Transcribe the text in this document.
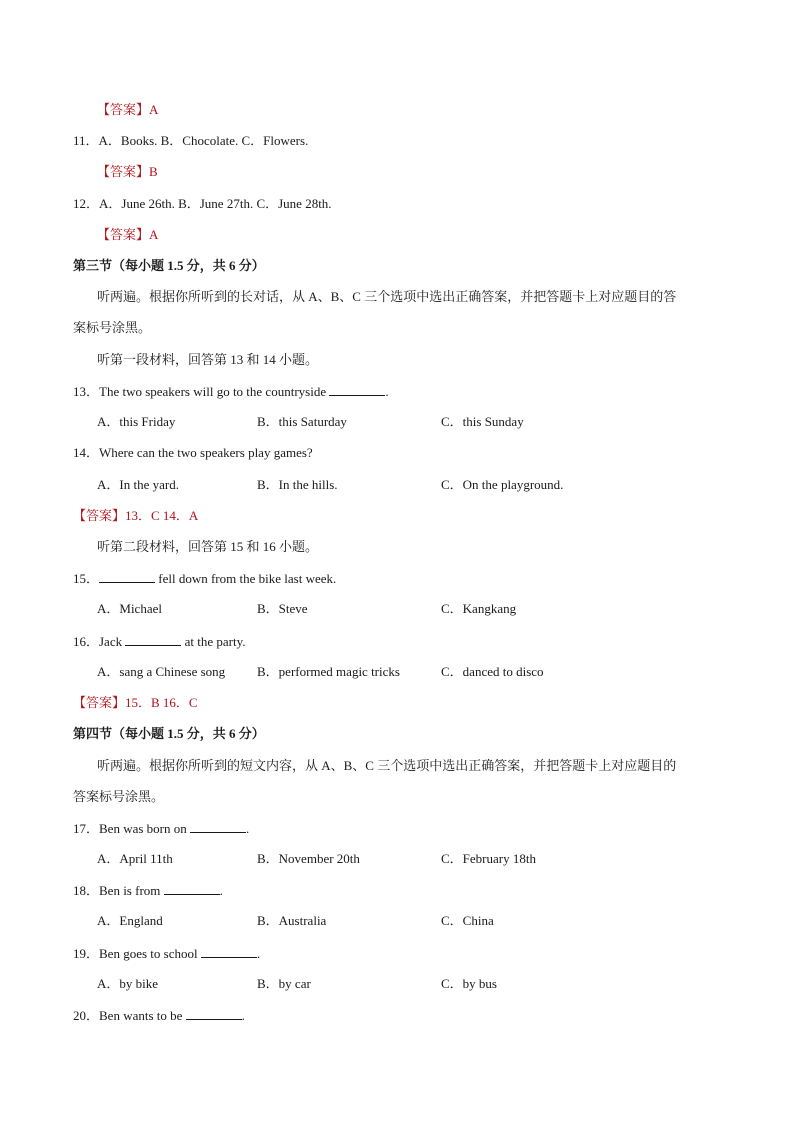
【答案】A
11．A．Books. B．Chocolate. C．Flowers.
【答案】B
12．A．June 26th. B．June 27th. C．June 28th.
【答案】A
第三节（每小题 1.5 分，共 6 分）
听两遍。根据你所听到的长对话，从 A、B、C 三个选项中选出正确答案，并把答题卡上对应题目的答
案标号涂黑。
听第一段材料，回答第 13 和 14 小题。
13．The two speakers will go to the countryside	.
A．this Friday	B．this Saturday	C．this Sunday
14．Where can the two speakers play games?
A．In the yard.	B．In the hills.	C．On the playground.
【答案】13．C 14．A
听第二段材料，回答第 15 和 16 小题。
15．	fell down from the bike last week.
A．Michael	B．Steve	C．Kangkang
16．Jack	at the party.
A．sang a Chinese song B．performed magic tricks	C．danced to disco
【答案】15．B 16．C
第四节（每小题 1.5 分，共 6 分）
听两遍。根据你所听到的短文内容，从 A、B、C 三个选项中选出正确答案，并把答题卡上对应题目的
答案标号涂黑。
17．Ben was born on	.
A．April 11th	B．November 20th	C．February 18th
18．Ben is from	.
A．England	B．Australia	C．China
19．Ben goes to school	.
A．by bike	B．by car	C．by bus
20．Ben wants to be	.
